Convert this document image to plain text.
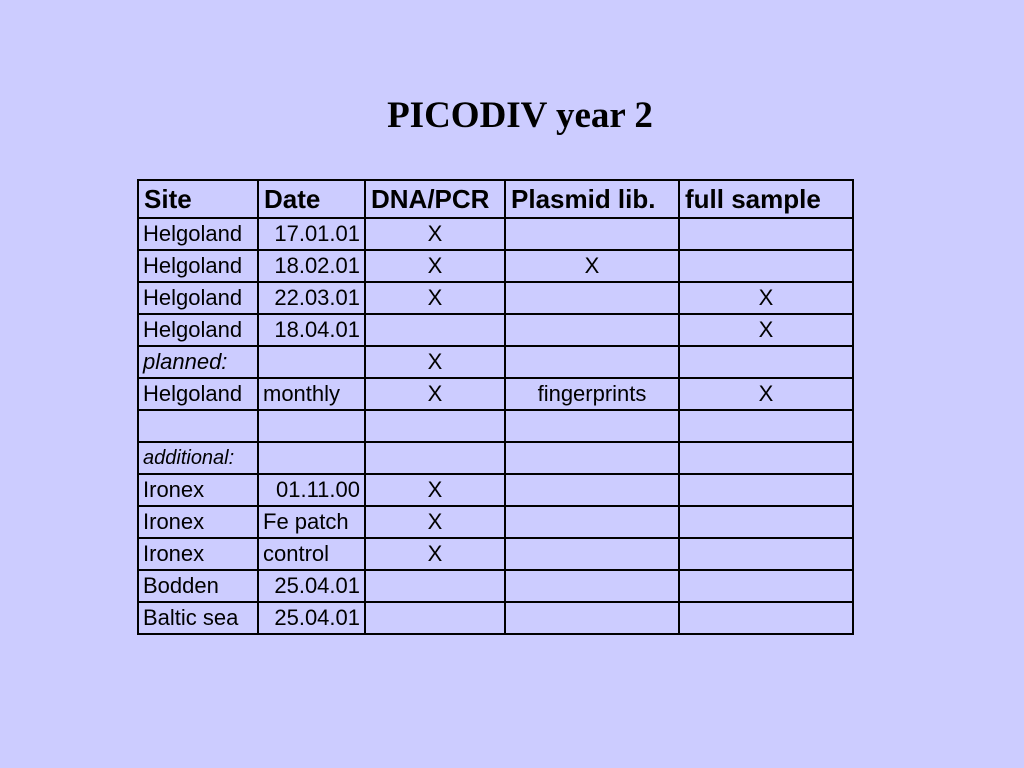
PICODIV year 2
Site	Date	DNA/PCR	Plasmid lib.	full sample
Helgoland	17.01.01	X		
Helgoland	18.02.01	X	X	
Helgoland	22.03.01	X		X
Helgoland	18.04.01			X
planned:		X		
Helgoland	monthly	X	fingerprints	X

additional:				
Ironex	01.11.00	X		
Ironex	Fe patch	X		
Ironex	control	X		
Bodden	25.04.01			
Baltic sea	25.04.01			
